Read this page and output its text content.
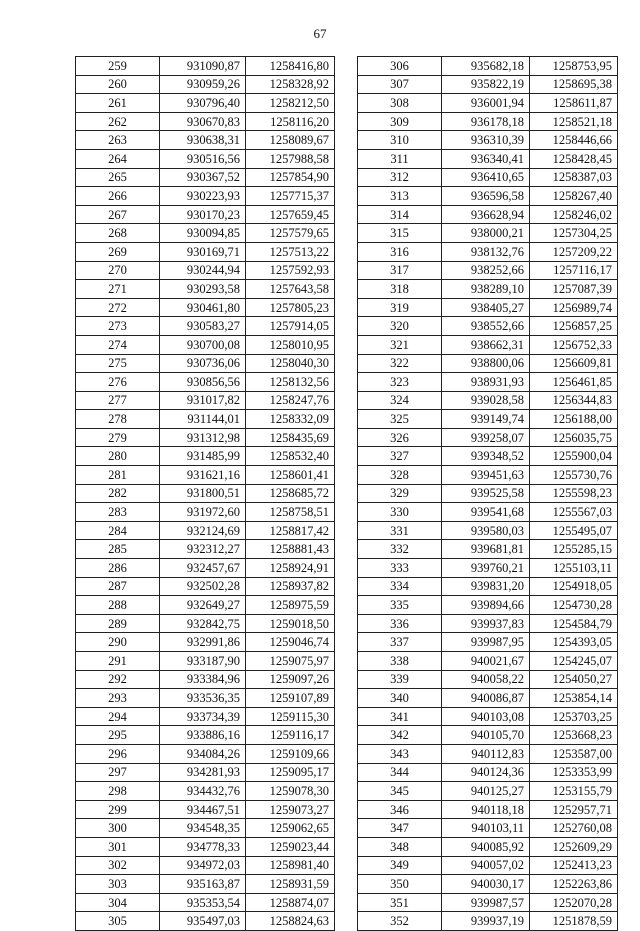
67
259	931090,87	1258416,80
260	930959,26	1258328,92
261	930796,40	1258212,50
262	930670,83	1258116,20
263	930638,31	1258089,67
264	930516,56	1257988,58
265	930367,52	1257854,90
266	930223,93	1257715,37
267	930170,23	1257659,45
268	930094,85	1257579,65
269	930169,71	1257513,22
270	930244,94	1257592,93
271	930293,58	1257643,58
272	930461,80	1257805,23
273	930583,27	1257914,05
274	930700,08	1258010,95
275	930736,06	1258040,30
276	930856,56	1258132,56
277	931017,82	1258247,76
278	931144,01	1258332,09
279	931312,98	1258435,69
280	931485,99	1258532,40
281	931621,16	1258601,41
282	931800,51	1258685,72
283	931972,60	1258758,51
284	932124,69	1258817,42
285	932312,27	1258881,43
286	932457,67	1258924,91
287	932502,28	1258937,82
288	932649,27	1258975,59
289	932842,75	1259018,50
290	932991,86	1259046,74
291	933187,90	1259075,97
292	933384,96	1259097,26
293	933536,35	1259107,89
294	933734,39	1259115,30
295	933886,16	1259116,17
296	934084,26	1259109,66
297	934281,93	1259095,17
298	934432,76	1259078,30
299	934467,51	1259073,27
300	934548,35	1259062,65
301	934778,33	1259023,44
302	934972,03	1258981,40
303	935163,87	1258931,59
304	935353,54	1258874,07
305	935497,03	1258824,63
306	935682,18	1258753,95
307	935822,19	1258695,38
308	936001,94	1258611,87
309	936178,18	1258521,18
310	936310,39	1258446,66
311	936340,41	1258428,45
312	936410,65	1258387,03
313	936596,58	1258267,40
314	936628,94	1258246,02
315	938000,21	1257304,25
316	938132,76	1257209,22
317	938252,66	1257116,17
318	938289,10	1257087,39
319	938405,27	1256989,74
320	938552,66	1256857,25
321	938662,31	1256752,33
322	938800,06	1256609,81
323	938931,93	1256461,85
324	939028,58	1256344,83
325	939149,74	1256188,00
326	939258,07	1256035,75
327	939348,52	1255900,04
328	939451,63	1255730,76
329	939525,58	1255598,23
330	939541,68	1255567,03
331	939580,03	1255495,07
332	939681,81	1255285,15
333	939760,21	1255103,11
334	939831,20	1254918,05
335	939894,66	1254730,28
336	939937,83	1254584,79
337	939987,95	1254393,05
338	940021,67	1254245,07
339	940058,22	1254050,27
340	940086,87	1253854,14
341	940103,08	1253703,25
342	940105,70	1253668,23
343	940112,83	1253587,00
344	940124,36	1253353,99
345	940125,27	1253155,79
346	940118,18	1252957,71
347	940103,11	1252760,08
348	940085,92	1252609,29
349	940057,02	1252413,23
350	940030,17	1252263,86
351	939987,57	1252070,28
352	939937,19	1251878,59
